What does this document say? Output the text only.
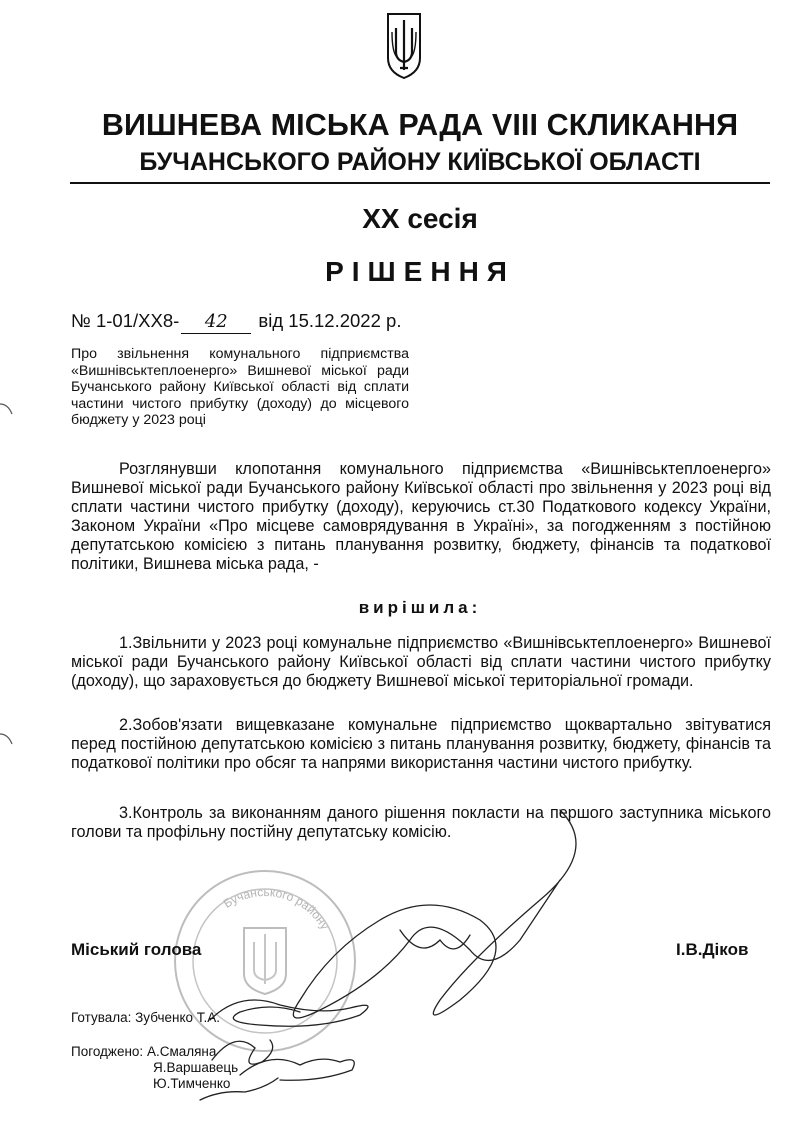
ВИШНЕВА МІСЬКА РАДА VIII СКЛИКАННЯ
БУЧАНСЬКОГО РАЙОНУ КИЇВСЬКОЇ ОБЛАСТІ
XX сесія
РІШЕННЯ
№ 1-01/XX8- 42 від 15.12.2022 р.
Про звільнення комунального підприємства «Вишнівськтеплоенерго» Вишневої міської ради Бучанського району Київської області від сплати частини чистого прибутку (доходу) до місцевого бюджету у 2023 році
Розглянувши клопотання комунального підприємства «Вишнівськтеплоенерго» Вишневої міської ради Бучанського району Київської області про звільнення у 2023 році від сплати частини чистого прибутку (доходу), керуючись ст.30 Податкового кодексу України, Законом України «Про місцеве самоврядування в Україні», за погодженням з постійною депутатською комісією з питань планування розвитку, бюджету, фінансів та податкової політики, Вишнева міська рада, -
вирішила:
1.Звільнити у 2023 році комунальне підприємство «Вишнівськтеплоенерго» Вишневої міської ради Бучанського району Київської області від сплати частини чистого прибутку (доходу), що зараховується до бюджету Вишневої міської територіальної громади.
2.Зобов'язати вищевказане комунальне підприємство щоквартально звітуватися перед постійною депутатською комісією з питань планування розвитку, бюджету, фінансів та податкової політики про обсяг та напрями використання частини чистого прибутку.
3.Контроль за виконанням даного рішення покласти на першого заступника міського голови та профільну постійну депутатську комісію.
Бучанського району
Міський голова	І.В.Діков
Готувала: Зубченко Т.А.
Погоджено: А.Смаляна
Я.Варшавець
Ю.Тимченко
